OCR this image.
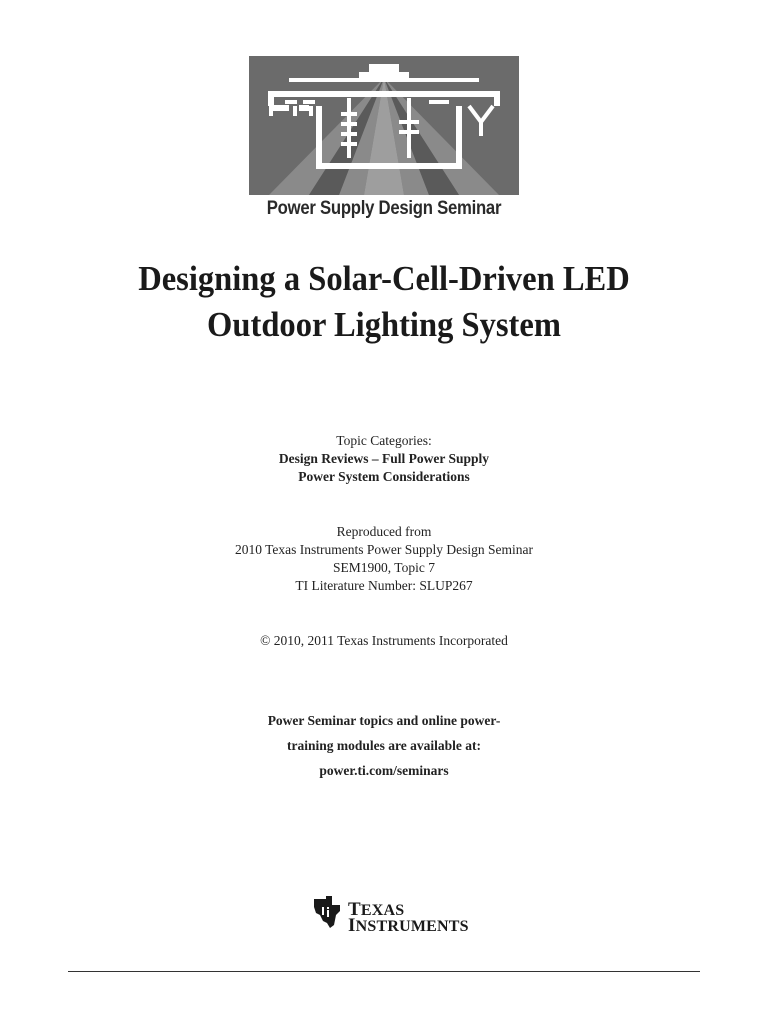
Power Supply Design Seminar
Designing a Solar-Cell-Driven LED
Outdoor Lighting System
Topic Categories:
Design Reviews – Full Power Supply
Power System Considerations
Reproduced from
2010 Texas Instruments Power Supply Design Seminar
SEM1900, Topic 7
TI Literature Number: SLUP267
© 2010, 2011 Texas Instruments Incorporated
Power Seminar topics and online power-
training modules are available at:
power.ti.com/seminars
TEXAS
INSTRUMENTS
